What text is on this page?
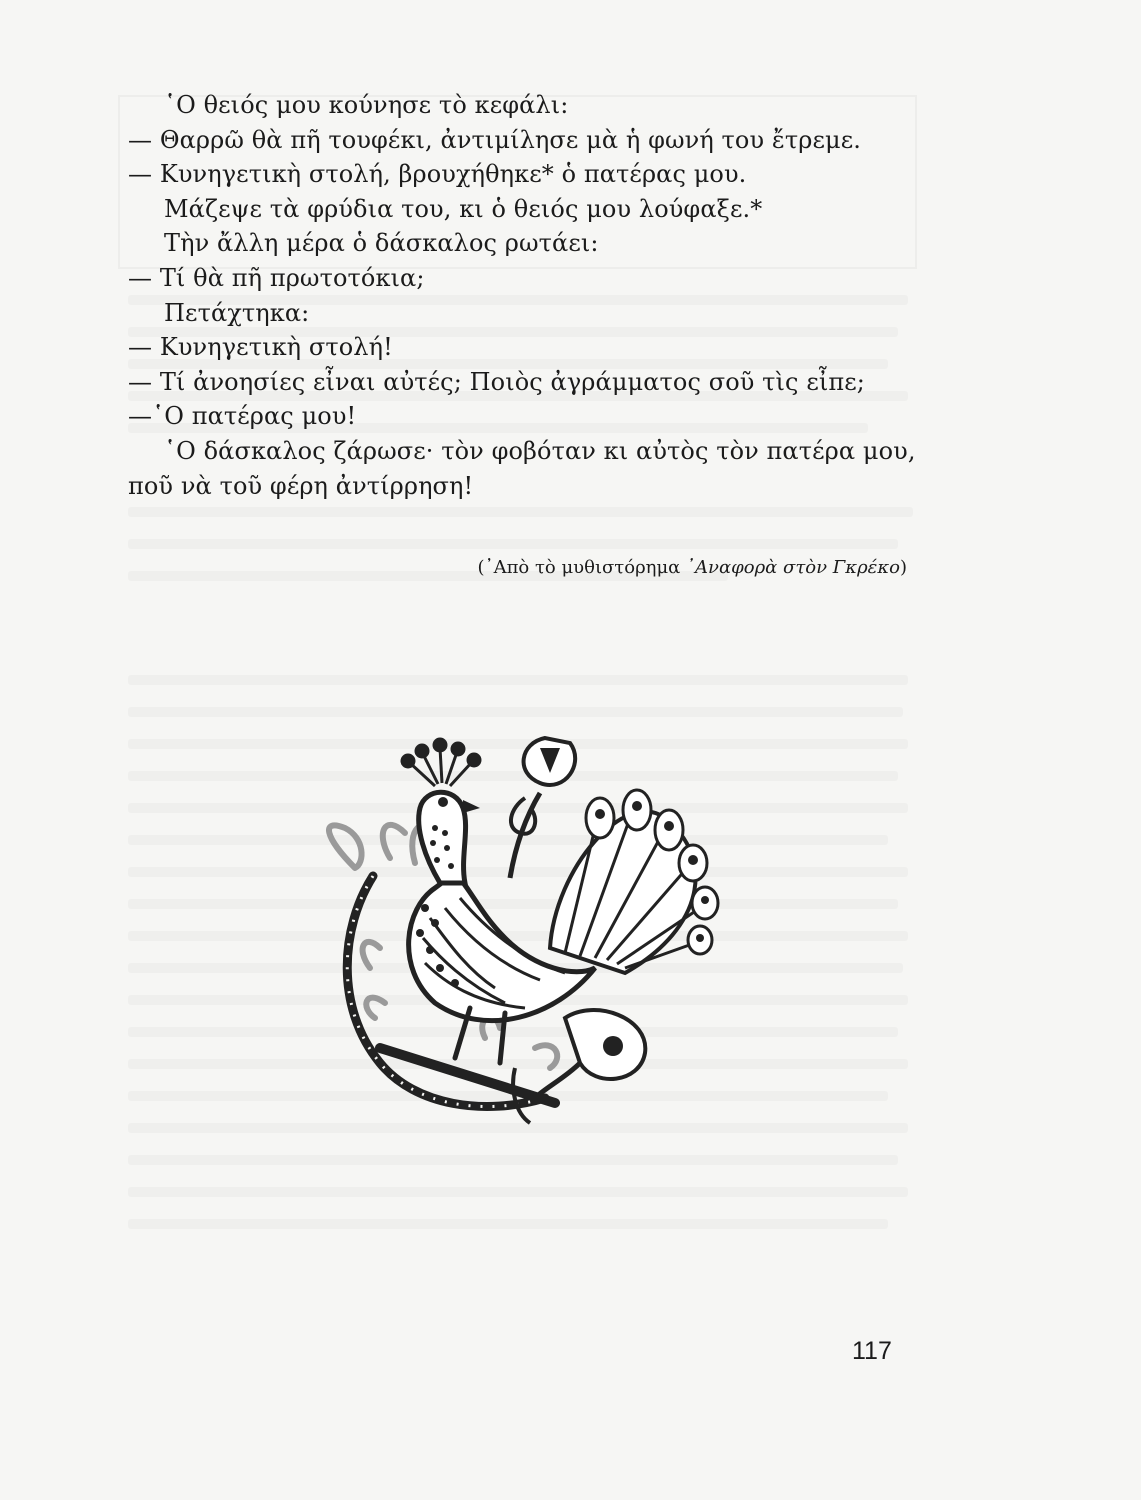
῾Ο θειός μου κούνησε τὸ κεφάλι:
— Θαρρῶ θὰ πῆ τουφέκι, ἀντιμίλησε μὰ ἡ φωνή του ἔτρεμε.
— Κυνηγετικὴ στολή, βρουχήθηκε* ὁ πατέρας μου.
Μάζεψε τὰ φρύδια του, κι ὁ θειός μου λούφαξε.*
Τὴν ἄλλη μέρα ὁ δάσκαλος ρωτάει:
— Τί θὰ πῆ πρωτοτόκια;
Πετάχτηκα:
— Κυνηγετικὴ στολή!
— Τί ἀνοησίες εἶναι αὐτές; Ποιὸς ἀγράμματος σοῦ τὶς εἶπε;
—῾Ο πατέρας μου!
῾Ο δάσκαλος ζάρωσε· τὸν φοβόταν κι αὐτὸς τὸν πατέρα μου,
ποῦ νὰ τοῦ φέρη ἀντίρρηση!
(᾽Απὸ τὸ μυθιστόρημα ᾽Αναφορὰ στὸν Γκρέκο)
117
